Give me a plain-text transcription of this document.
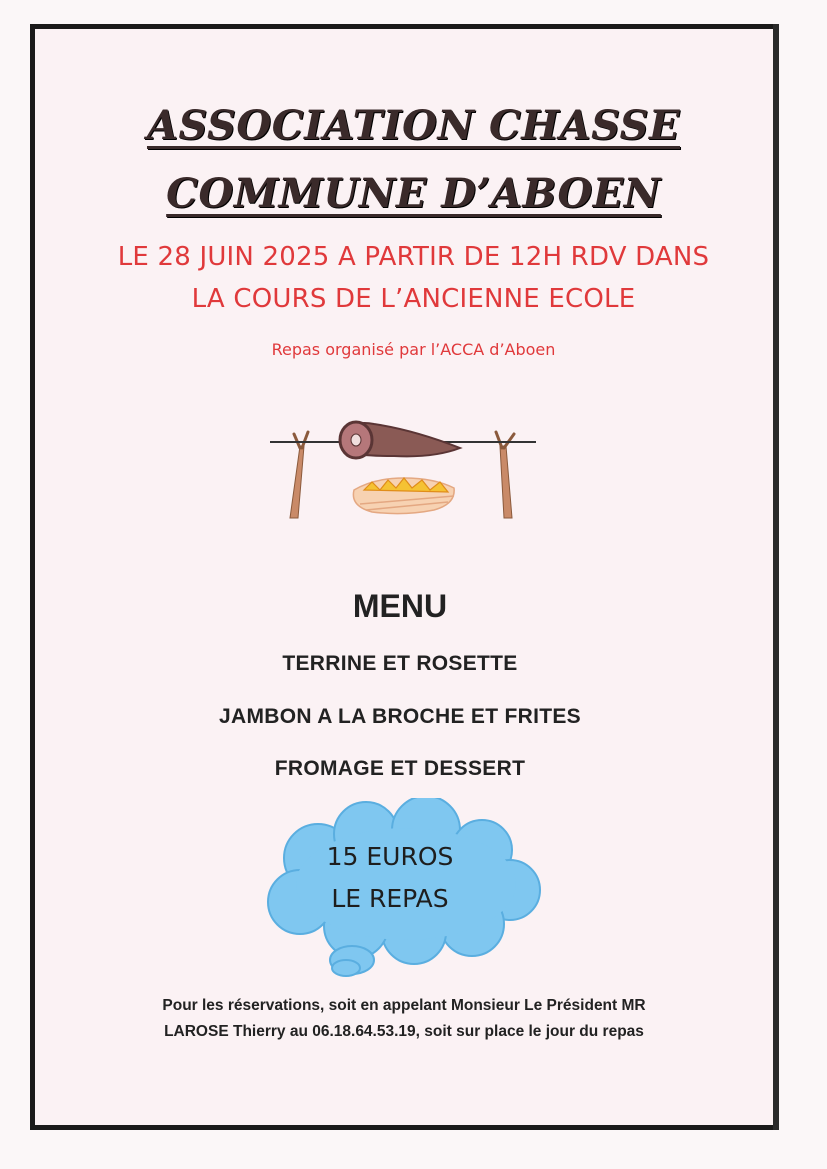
ASSOCIATION CHASSE
COMMUNE D’ABOEN
LE 28 JUIN 2025 A PARTIR DE 12H RDV DANS
LA COURS DE L’ANCIENNE ECOLE
Repas organisé par l’ACCA d’Aboen
MENU
TERRINE ET ROSETTE
JAMBON A LA BROCHE ET FRITES
FROMAGE ET DESSERT
15 EUROS
LE REPAS
Pour les réservations, soit en appelant Monsieur Le Président MR
LAROSE Thierry au 06.18.64.53.19, soit sur place le jour du repas
